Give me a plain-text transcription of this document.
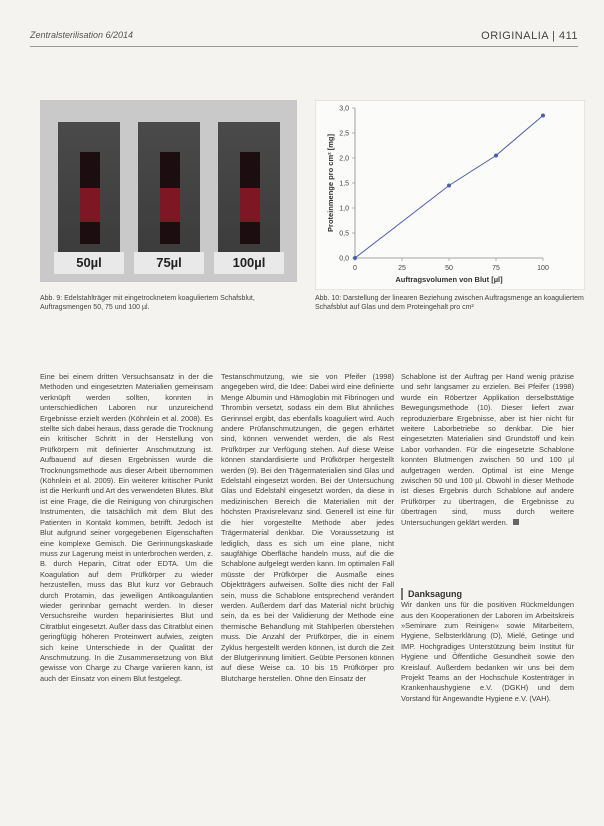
Zentralsterilisation 6/2014	ORIGINALIA | 411
50µl	75µl	100µl
Abb. 9: Edelstahlträger mit eingetrocknetem koaguliertem Schafsblut, Auftragsmengen 50, 75 und 100 µl.
0,0
0,5
1,0
1,5
2,0
2,5
3,0
0	25	50	75	100
Auftragsvolumen von Blut [µl]
Proteinmenge pro cm² [mg]
Abb. 10: Darstellung der linearen Beziehung zwischen Auftragsmenge an koaguliertem Schafsblut auf Glas und dem Proteingehalt pro cm²

Eine bei einem dritten Versuchsansatz in der die Methoden und eingesetzten Materialien gemeinsam verknüpft werden sollten, konnten in unterschiedlichen Laboren nur unzureichend Ergebnisse erzielt werden (Köhnlein et al. 2008). Es stellte sich dabei heraus, dass gerade die Trocknung ein kritischer Schritt in der Herstellung von Prüfkörpern mit definierter Anschmutzung ist. Aufbauend auf diesen Ergebnissen wurde die Trocknungsmethode aus dieser Arbeit übernommen (Köhnlein et al. 2009). Ein weiterer kritischer Punkt ist die Herkunft und Art des verwendeten Blutes. Blut ist eine Frage, die die Reinigung von chirurgischen Instrumenten, die tatsächlich mit dem Blut des Patienten in Kontakt kommen, betrifft. Jedoch ist Blut aufgrund seiner vorgegebenen Eigenschaften eine komplexe Gemisch. Die Gerinnungskaskade muss zur Lagerung meist in unterbrochen werden, z. B. durch Heparin, Citrat oder EDTA. Um die Koagulation auf dem Prüfkörper zu wieder herzustellen, muss das Blut kurz vor Gebrauch durch Protamin, das jeweiligen Antikoagulantien wieder gerinnbar gemacht werden. In dieser Versuchsreihe wurden heparinisiertes Blut und Citratblut eingesetzt. Außer dass das Citratblut einen geringfügig höheren Proteinwert aufwies, zeigten sich keine Unterschiede in der Qualität der Anschmutzung. In die Zusammensetzung von Blut gewisse von Charge zu Charge variieren kann, ist auch der Einsatz von einem Blut festgelegt.

Testanschmutzung, wie sie von Pfeifer (1998) angegeben wird, die Idee: Dabei wird eine definierte Menge Albumin und Hämoglobin mit Fibrinogen und Thrombin versetzt, sodass ein dem Blut ähnliches Gerinnsel ergibt, das ebenfalls koaguliert wird. Auch andere Prüfanschmutzungen, die gegen erhärtet sind, können verwendet werden, die als Rest Prüfkörper zur Verfügung stehen. Auf diese Weise können standardisierte und Prüfkörper hergestellt werden (9). Bei den Trägermaterialien sind Glas und Edelstahl eingesetzt worden. Bei der Untersuchung Glas und Edelstahl eingesetzt worden, da diese in medizinischen Bereich die Materialien mit der höchsten Praxisrelevanz sind. Generell ist eine für die hier vorgestellte Methode aber jedes Trägermaterial denkbar. Die Voraussetzung ist lediglich, dass es sich um eine plane, nicht saugfähige Oberfläche handeln muss, auf die die Schablone aufgelegt werden kann. Im optimalen Fall müsste der Prüfkörper die Ausmaße eines Objektträgers aufweisen. Sollte dies nicht der Fall sein, muss die Schablone entsprechend verändert werden. Außerdem darf das Material nicht brüchig sein, da es bei der Validierung der Methode eine thermische Behandlung mit Stahlperlen überstehen muss. Die Anzahl der Prüfkörper, die in einem Zyklus hergestellt werden können, ist durch die Zeit der Blutgerinnung limitiert. Geübte Personen können auf diese Weise ca. 10 bis 15 Prüfkörper pro Blutcharge herstellen. Ohne den Einsatz der

Schablone ist der Auftrag per Hand wenig präzise und sehr langsamer zu erzielen. Bei Pfeifer (1998) wurde ein Röbertzer Applikation derselbsttätige Bewegungsmethode (10). Dieser liefert zwar reproduzierbare Ergebnisse, aber ist hier nicht für weitere Laborbetriebe so denkbar. Die hier eingesetzten Materialien sind Grundstoff und kein Labor vorhanden. Für die eingesetzte Schablone konnten Blutmengen zwischen 50 und 100 µl aufgetragen werden. Optimal ist eine Menge zwischen 50 und 100 µl. Obwohl in dieser Methode ist dieses Ergebnis durch Schablone auf andere Prüfkörper zu übertragen, die Ergebnisse zu übertragen sind, muss durch weitere Untersuchungen geklärt werden.

Danksagung

Wir danken uns für die positiven Rückmeldungen aus den Kooperationen der Laboren im Arbeitskreis »Seminare zum Reinigen« sowie Mitarbeitern, Hygiene, Selbsterklärung (D), Mielé, Getinge und IMP. Hochgradiges Unterstützung beim Institut für Hygiene und Öffentliche Gesundheit sowie den Kreislauf. Außerdem bedanken wir uns bei dem Projekt Teams an der Hochschule Kostenträger in Krankenhaushygiene e.V. (DGKH) und dem Vorstand für Angewandte Hygiene e.V. (VAH).
